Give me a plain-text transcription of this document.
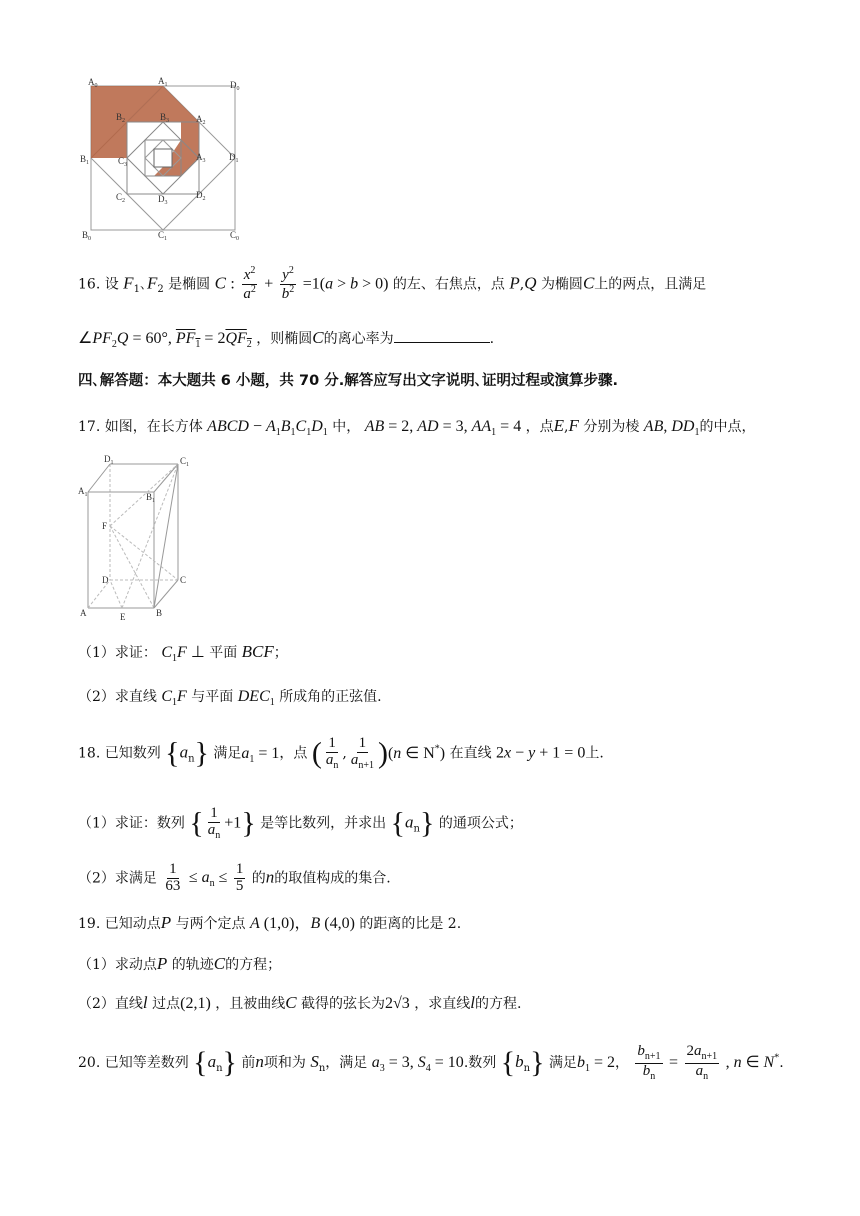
$A_0$	$A_1$	$D_0$
$B_2$	$B_3$	$A_2$
$B_1$	$C_3$
$A_3$	$D_1$
$C_2$	$D_3$
$D_2$
$B_0$	$C_1$	$C_0$
16. 设 $F_1$､$F_2$ 是椭圆 C : $\frac{x^2}{a^2} + \frac{y^2}{b^2} =1(a > b > 0)$ 的左、右焦点，点 P,Q 为椭圆C上的两点，且满足
$\angle PF_2Q = 60^\circ$, $PF_1 = 2QF_2$ ，则椭圆C的离心率为	.
四､解答题：本大题共 6 小题，共 70 分.解答应写出文字说明､证明过程或演算步骤.
17. 如图，在长方体 ABCD − $A_1B_1C_1D_1$ 中， AB = 2, AD = 3, $AA_1 = 4$ ，点E,F 分别为棱 AB, $DD_1$的中点，
$D_1$	$C_1$
$A_1$	$B_1$
F
D	C
A	E	B
（1）求证： $C_1F$ ⊥ 平面 BCF；
（2）求直线 $C_1F$ 与平面 $DEC_1$ 所成角的正弦值.
18. 已知数列 $\{a_n\}$ 满足$a_1 = 1$，点 ( $\frac{1}{a_n}$ , $\frac{1}{a_{n+1}} )(n$ ∈ N*) 在直线 2x − y + 1 = 0上.
（1）求证：数列 { $\frac{1}{a_n} +1$} 是等比数列，并求出 $\{a_n\}$ 的通项公式；
（2）求满足 $\frac{1}{63} \le a_n \le \frac{1}{5}$ 的n的取值构成的集合.
19. 已知动点P 与两个定点 A (1,0)，B (4,0) 的距离的比是 2.
（1）求动点P 的轨迹C的方程；
（2）直线l 过点(2,1) ，且被曲线C 截得的弦长为2√3 ，求直线l的方程.
20. 已知等差数列 $\{a_n\}$ 前n项和为 $S_n$，满足 $a_3 = 3$, $S_4 = 10$.数列 $\{b_n\}$ 满足$b_1 = 2$， $\frac{b_{n+1}}{b_n} = \frac{2a_{n+1}}{a_n}$ , n ∈ N*.
